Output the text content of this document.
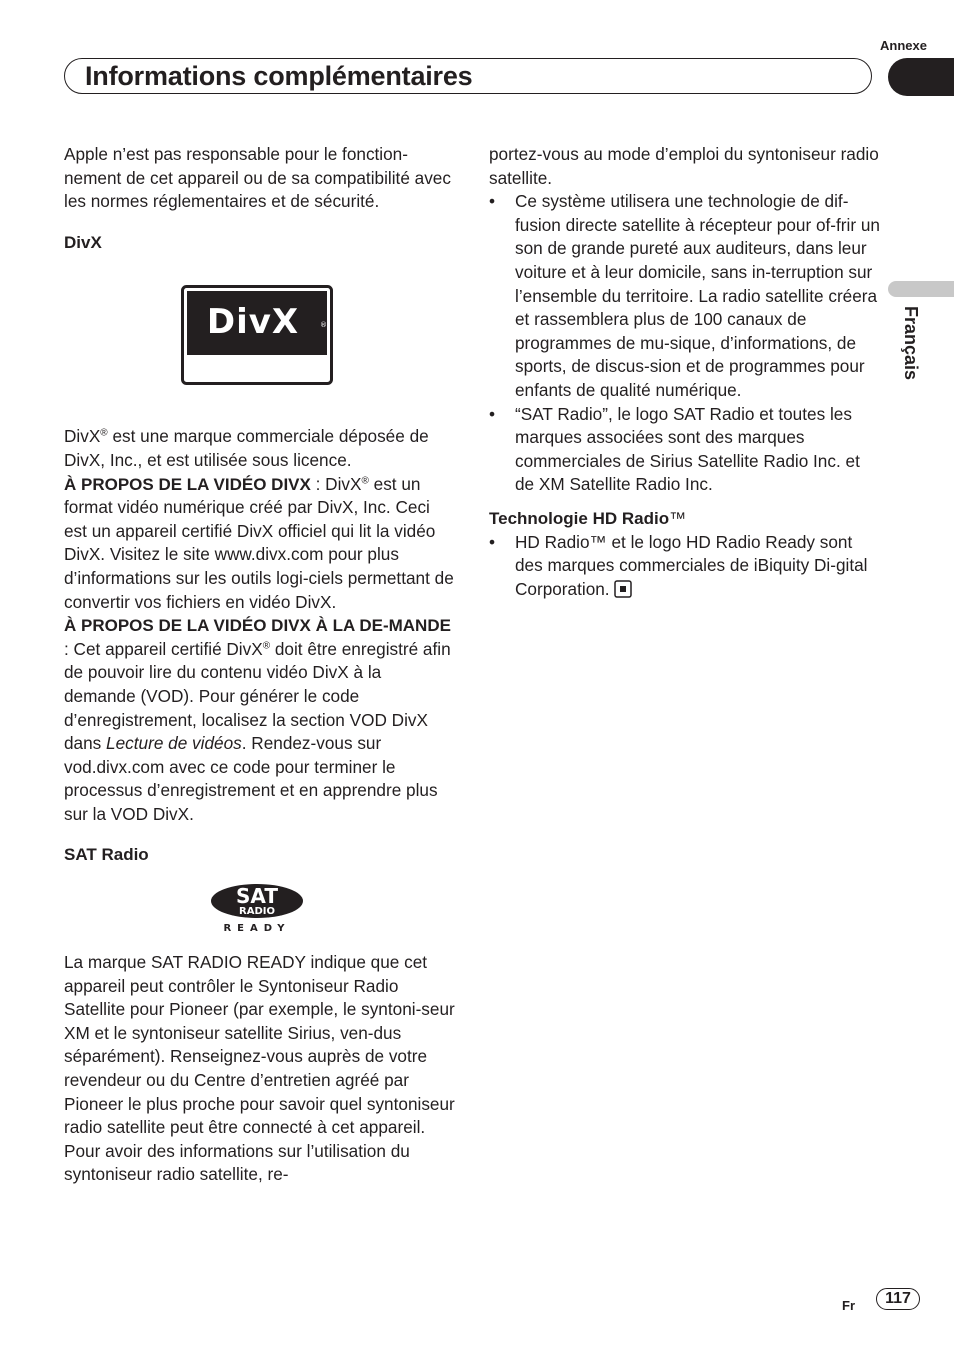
Annexe
Informations complémentaires
Français

Apple n’est pas responsable pour le fonction-nement de cet appareil ou de sa compatibilité avec les normes réglementaires et de sécurité.

DivX

DivX	®

DivX® est une marque commerciale déposée de DivX, Inc., et est utilisée sous licence.

À PROPOS DE LA VIDÉO DIVX : DivX® est un format vidéo numérique créé par DivX, Inc. Ceci est un appareil certifié DivX officiel qui lit la vidéo DivX. Visitez le site www.divx.com pour plus d’informations sur les outils logi-ciels permettant de convertir vos fichiers en vidéo DivX.

À PROPOS DE LA VIDÉO DIVX À LA DE-MANDE : Cet appareil certifié DivX® doit être enregistré afin de pouvoir lire du contenu vidéo DivX à la demande (VOD). Pour générer le code d’enregistrement, localisez la section VOD DivX dans Lecture de vidéos. Rendez-vous sur vod.divx.com avec ce code pour terminer le processus d’enregistrement et en apprendre plus sur la VOD DivX.

SAT Radio

SAT
RADIO
READY

La marque SAT RADIO READY indique que cet appareil peut contrôler le Syntoniseur Radio Satellite pour Pioneer (par exemple, le syntoni-seur XM et le syntoniseur satellite Sirius, ven-dus séparément). Renseignez-vous auprès de votre revendeur ou du Centre d’entretien agréé par Pioneer le plus proche pour savoir quel syntoniseur radio satellite peut être connecté à cet appareil. Pour avoir des informations sur l’utilisation du syntoniseur radio satellite, re-

portez-vous au mode d’emploi du syntoniseur radio satellite.

• Ce système utilisera une technologie de dif-fusion directe satellite à récepteur pour of-frir un son de grande pureté aux auditeurs, dans leur voiture et à leur domicile, sans in-terruption sur l’ensemble du territoire. La radio satellite créera et rassemblera plus de 100 canaux de programmes de mu-sique, d’informations, de sports, de discus-sion et de programmes pour enfants de qualité numérique.
• “SAT Radio”, le logo SAT Radio et toutes les marques associées sont des marques commerciales de Sirius Satellite Radio Inc. et de XM Satellite Radio Inc.

Technologie HD Radio™

• HD Radio™ et le logo HD Radio Ready sont des marques commerciales de iBiquity Di-gital Corporation.
Fr	117
